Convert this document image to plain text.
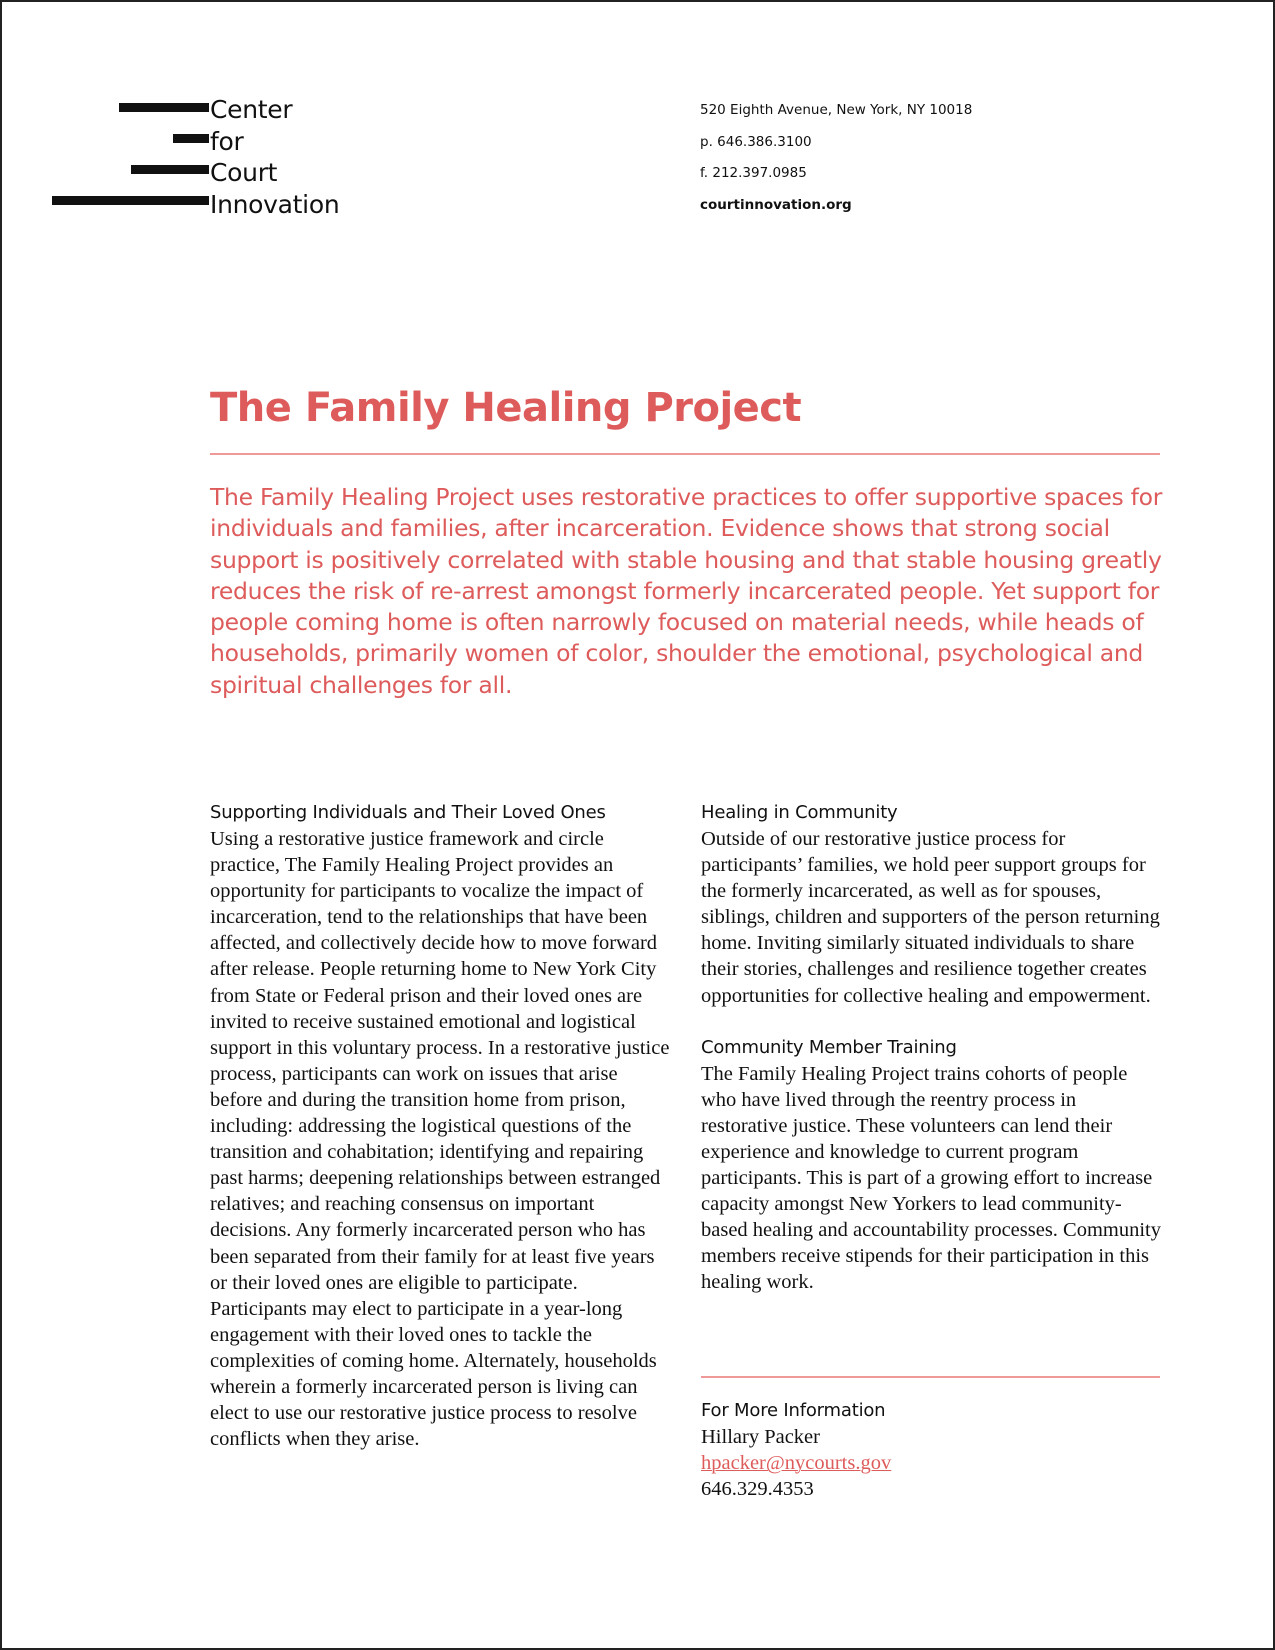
Center
for
Court
Innovation
520 Eighth Avenue, New York, NY 10018
p. 646.386.3100
f. 212.397.0985
courtinnovation.org
The Family Healing Project

The Family Healing Project uses restorative practices to offer supportive spaces for individuals and families, after incarceration. Evidence shows that strong social support is positively correlated with stable housing and that stable housing greatly reduces the risk of re-arrest amongst formerly incarcerated people. Yet support for people coming home is often narrowly focused on material needs, while heads of households, primarily women of color, shoulder the emotional, psychological and spiritual challenges for all.

Supporting Individuals and Their Loved Ones

Using a restorative justice framework and circle practice, The Family Healing Project provides an opportunity for participants to vocalize the impact of incarceration, tend to the relationships that have been affected, and collectively decide how to move forward after release. People returning home to New York City from State or Federal prison and their loved ones are invited to receive sustained emotional and logistical support in this voluntary process. In a restorative justice process, participants can work on issues that arise before and during the transition home from prison, including: addressing the logistical questions of the transition and cohabitation; identifying and repairing past harms; deepening relationships between estranged relatives; and reaching consensus on important decisions. Any formerly incarcerated person who has been separated from their family for at least five years or their loved ones are eligible to participate. Participants may elect to participate in a year-long engagement with their loved ones to tackle the complexities of coming home. Alternately, households wherein a formerly incarcerated person is living can elect to use our restorative justice process to resolve conflicts when they arise.

Healing in Community

Outside of our restorative justice process for participants’ families, we hold peer support groups for the formerly incarcerated, as well as for spouses, siblings, children and supporters of the person returning home. Inviting similarly situated individuals to share their stories, challenges and resilience together creates opportunities for collective healing and empowerment.

Community Member Training

The Family Healing Project trains cohorts of people who have lived through the reentry process in restorative justice. These volunteers can lend their experience and knowledge to current program participants. This is part of a growing effort to increase capacity amongst New Yorkers to lead community-based healing and accountability processes. Community members receive stipends for their participation in this healing work.

For More Information
Hillary Packer
hpacker@nycourts.gov
646.329.4353
